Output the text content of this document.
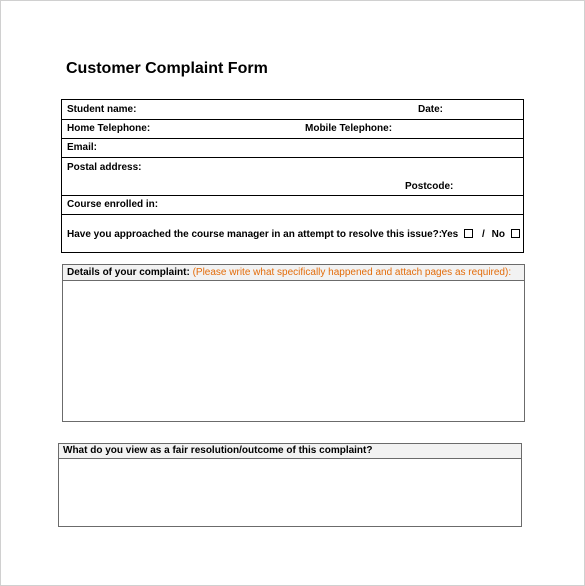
Customer Complaint Form
Student name:	Date:
Home Telephone:	Mobile Telephone:
Email:
Postal address:
Postcode:
Course enrolled in:
Have you approached the course manager in an attempt to resolve this issue?:
Yes / No
Details of your complaint: (Please write what specifically happened and attach pages as required):
What do you view as a fair resolution/outcome of this complaint?
